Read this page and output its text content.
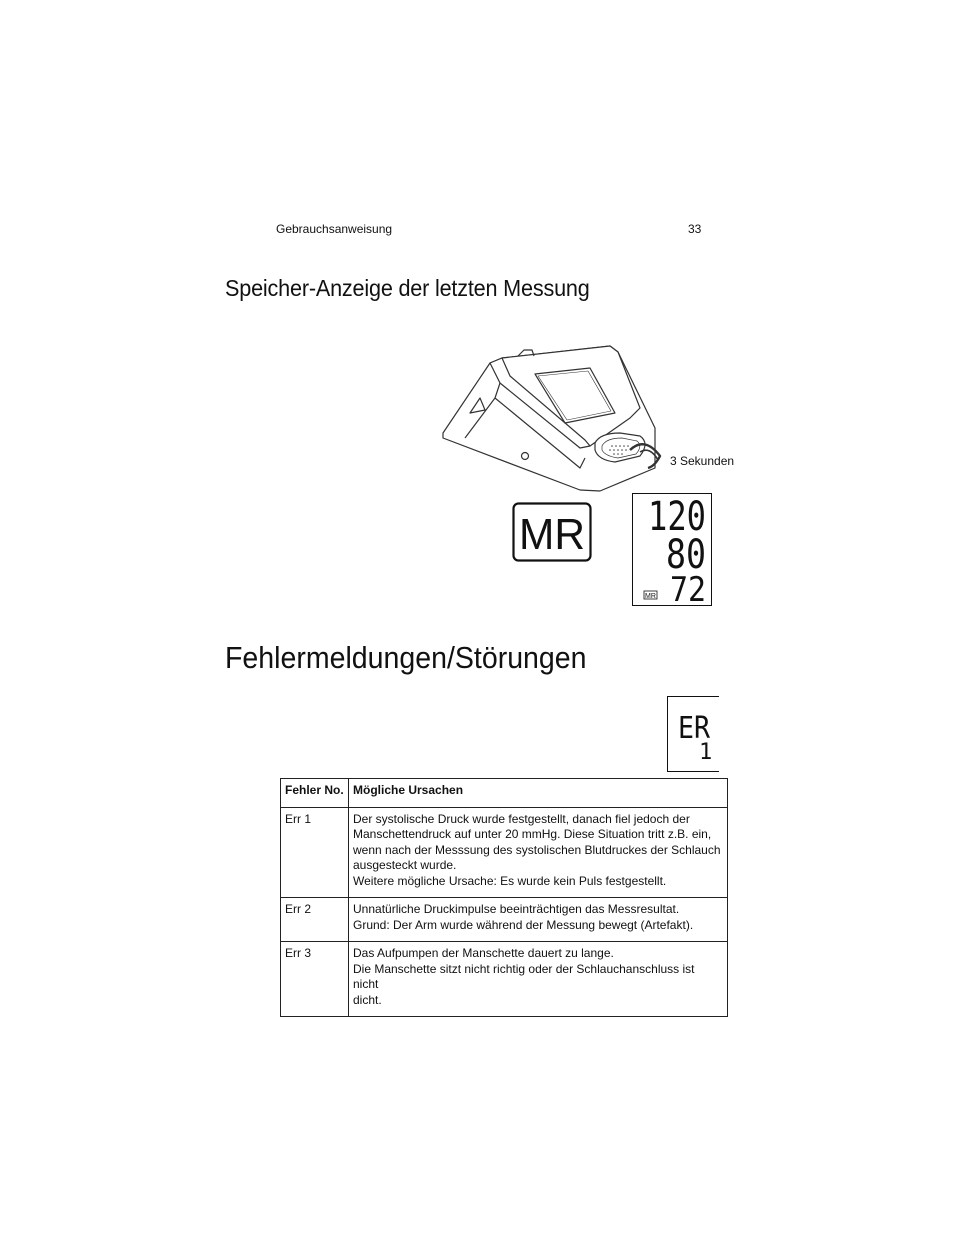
Gebrauchsanweisung	33
Speicher-Anzeige der letzten Messung
3 Sekunden
MR 120
80
72
MR
Fehlermeldungen/Störungen
ER
1
Fehler No.	Mögliche Ursachen
Err 1	Der systolische Druck wurde festgestellt, danach fiel jedoch der
Manschettendruck auf unter 20 mmHg. Diese Situation tritt z.B. ein,
wenn nach der Messsung des systolischen Blutdruckes der Schlauch
ausgesteckt wurde.
Weitere mögliche Ursache: Es wurde kein Puls festgestellt.

Err 2	Unnatürliche Druckimpulse beeinträchtigen das Messresultat.
Grund: Der Arm wurde während der Messung bewegt (Artefakt).

Err 3	Das Aufpumpen der Manschette dauert zu lange.
Die Manschette sitzt nicht richtig oder der Schlauchanschluss ist nicht
dicht.
